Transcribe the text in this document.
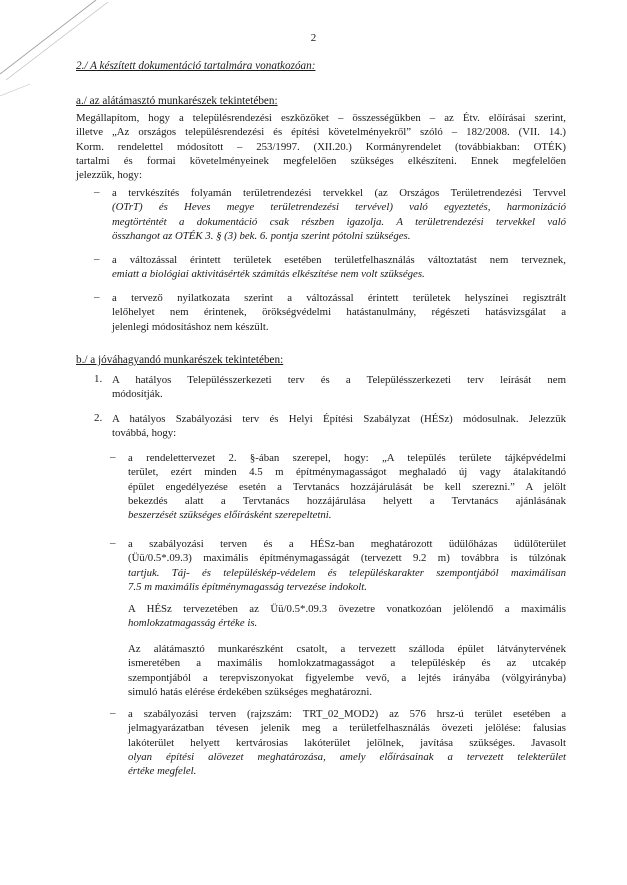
2
2./ A készített dokumentáció tartalmára vonatkozóan:
a./ az alátámasztó munkarészek tekintetében:
Megállapítom, hogy a településrendezési eszközöket – összességükben – az Étv. előírásai szerint,
illetve „Az országos településrendezési és építési követelményekről” szóló – 182/2008. (VII. 14.)
Korm. rendelettel módosított – 253/1997. (XII.20.) Kormányrendelet (továbbiakban: OTÉK)
tartalmi és formai követelményeinek megfelelően szükséges elkészíteni. Ennek megfelelően
jelezzük, hogy:
– a tervkészítés folyamán területrendezési tervekkel (az Országos Területrendezési Tervvel
(OTrT) és Heves megye területrendezési tervével) való egyeztetés, harmonizáció
megtörténtét a dokumentáció csak részben igazolja. A területrendezési tervekkel való
összhangot az OTÉK 3. § (3) bek. 6. pontja szerint pótolni szükséges.
– a változással érintett területek esetében területfelhasználás változtatást nem terveznek,
emiatt a biológiai aktivitásérték számítás elkészítése nem volt szükséges.
– a tervező nyilatkozata szerint a változással érintett területek helyszínei regisztrált
lelőhelyet nem érintenek, örökségvédelmi hatástanulmány, régészeti hatásvizsgálat a
jelenlegi módosításhoz nem készült.
b./ a jóváhagyandó munkarészek tekintetében:
1. A hatályos Településszerkezeti terv és a Településszerkezeti terv leírását nem
módosítják.
2. A hatályos Szabályozási terv és Helyi Építési Szabályzat (HÉSz) módosulnak. Jelezzük
továbbá, hogy:
– a rendelettervezet 2. §-ában szerepel, hogy: „A település területe tájképvédelmi
terület, ezért minden 4.5 m építménymagasságot meghaladó új vagy átalakítandó
épület engedélyezése esetén a Tervtanács hozzájárulását be kell szerezni.” A jelölt
bekezdés alatt a Tervtanács hozzájárulása helyett a Tervtanács ajánlásának
beszerzését szükséges előírásként szerepeltetni.
– a szabályozási terven és a HÉSz-ban meghatározott üdülőházas üdülőterület
(Üü/0.5*.09.3) maximális építménymagasságát (tervezett 9.2 m) továbbra is túlzónak
tartjuk. Táj- és településkép-védelem és településkarakter szempontjából maximálisan
7.5 m maximális építménymagasság tervezése indokolt.
A HÉSz tervezetében az Üü/0.5*.09.3 övezetre vonatkozóan jelölendő a maximális
homlokzatmagasság értéke is.
Az alátámasztó munkarészként csatolt, a tervezett szálloda épület látványtervének
ismeretében a maximális homlokzatmagasságot a településkép és az utcakép
szempontjából a terepviszonyokat figyelembe vevő, a lejtés irányába (völgyirányba)
simuló hatás elérése érdekében szükséges meghatározni.
– a szabályozási terven (rajzszám: TRT_02_MOD2) az 576 hrsz-ú terület esetében a
jelmagyarázatban tévesen jelenik meg a területfelhasználás övezeti jelölése: falusias
lakóterület helyett kertvárosias lakóterület jelölnek, javítása szükséges. Javasolt
olyan építési alövezet meghatározása, amely előírásainak a tervezett telekterület
értéke megfelel.
